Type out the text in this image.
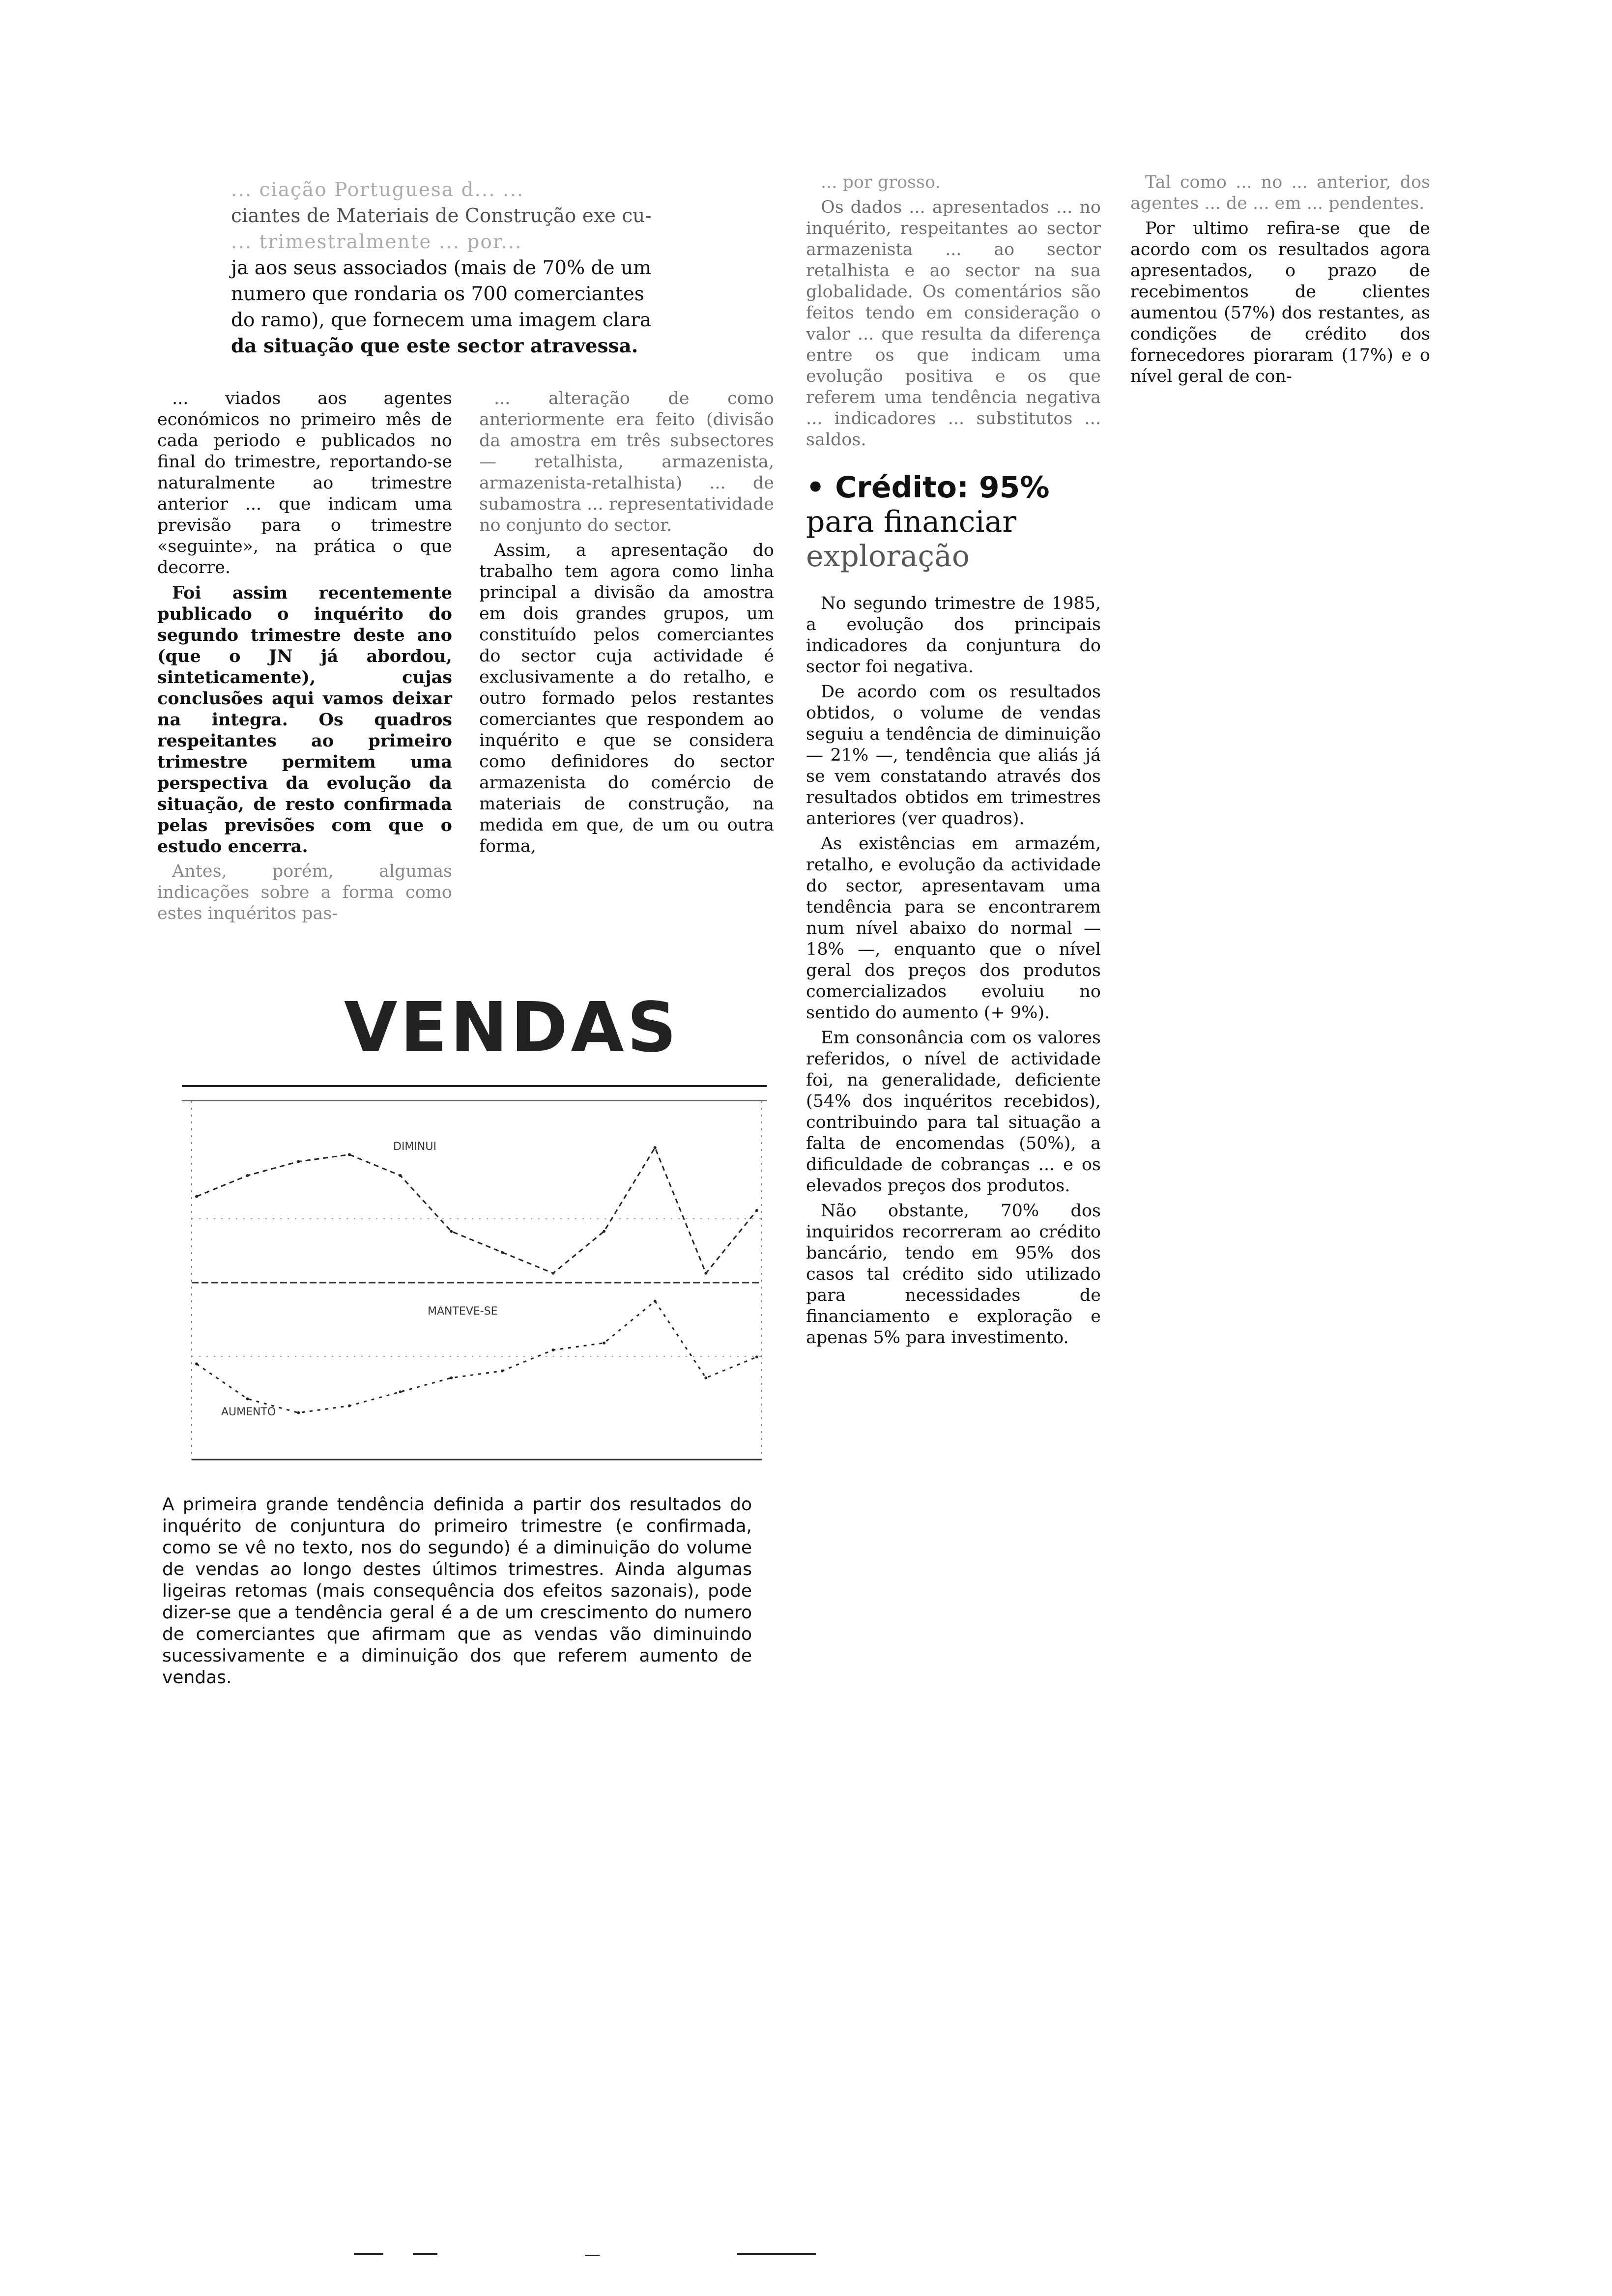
... ciação Portuguesa d... ...
ciantes de Materiais de Construção exe cu-
... trimestralmente ... por...
ja aos seus associados (mais de 70% de um
numero que rondaria os 700 comerciantes
do ramo), que fornecem uma imagem clara
da situação que este sector atravessa.

... viados aos agentes económicos no primeiro mês de cada periodo e publicados no final do trimestre, reportando-se naturalmente ao trimestre anterior ... que indicam uma previsão para o trimestre «seguinte», na prática o que decorre.

Foi assim recentemente publicado o inquérito do segundo trimestre deste ano (que o JN já abordou, sinteticamente), cujas conclusões aqui vamos deixar na integra. Os quadros respeitantes ao primeiro trimestre permitem uma perspectiva da evolução da situação, de resto confirmada pelas previsões com que o estudo encerra.

Antes, porém, algumas indicações sobre a forma como estes inquéritos pas-

... alteração de como anteriormente era feito (divisão da amostra em três subsectores — retalhista, armazenista, armazenista-retalhista) ... de subamostra ... representatividade no conjunto do sector.

Assim, a apresentação do trabalho tem agora como linha principal a divisão da amostra em dois grandes grupos, um constituído pelos comerciantes do sector cuja actividade é exclusivamente a do retalho, e outro formado pelos restantes comerciantes que respondem ao inquérito e que se considera como definidores do sector armazenista do comércio de materiais de construção, na medida em que, de um ou outra forma,

VENDAS
DIMINUI
MANTEVE-SE
AUMENTO
A primeira grande tendência definida a partir dos resultados do inquérito de conjuntura do primeiro trimestre (e confirmada, como se vê no texto, nos do segundo) é a diminuição do volume de vendas ao longo destes últimos trimestres. Ainda algumas ligeiras retomas (mais consequência dos efeitos sazonais), pode dizer-se que a tendência geral é a de um crescimento do numero de comerciantes que afirmam que as vendas vão diminuindo sucessivamente e a diminuição dos que referem aumento de vendas.

... por grosso.

Os dados ... apresentados ... no inquérito, respeitantes ao sector armazenista ... ao sector retalhista e ao sector na sua globalidade. Os comentários são feitos tendo em consideração o valor ... que resulta da diferença entre os que indicam uma evolução positiva e os que referem uma tendência negativa ... indicadores ... substitutos ... saldos.

• Crédito: 95%
para financiar
exploração

No segundo trimestre de 1985, a evolução dos principais indicadores da conjuntura do sector foi negativa.

De acordo com os resultados obtidos, o volume de vendas seguiu a tendência de diminuição — 21% —, tendência que aliás já se vem constatando através dos resultados obtidos em trimestres anteriores (ver quadros).

As existências em armazém, retalho, e evolução da actividade do sector, apresentavam uma tendência para se encontrarem num nível abaixo do normal — 18% —, enquanto que o nível geral dos preços dos produtos comercializados evoluiu no sentido do aumento (+ 9%).

Em consonância com os valores referidos, o nível de actividade foi, na generalidade, deficiente (54% dos inquéritos recebidos), contribuindo para tal situação a falta de encomendas (50%), a dificuldade de cobranças ... e os elevados preços dos produtos.

Não obstante, 70% dos inquiridos recorreram ao crédito bancário, tendo em 95% dos casos tal crédito sido utilizado para necessidades de financiamento e exploração e apenas 5% para investimento.

Tal como ... no ... anterior, dos agentes ... de ... em ... pendentes.

Por ultimo refira-se que de acordo com os resultados agora apresentados, o prazo de recebimentos de clientes aumentou (57%) dos restantes, as condições de crédito dos fornecedores pioraram (17%) e o nível geral de con-
